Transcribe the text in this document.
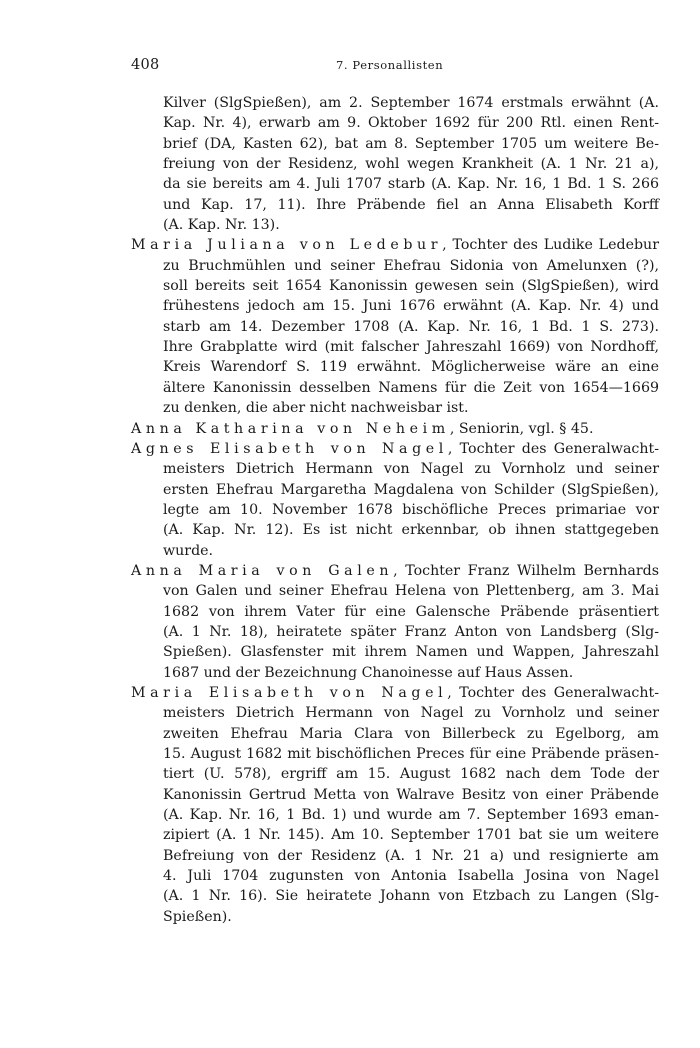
408	7. Personallisten
Kilver (SlgSpießen), am 2. September 1674 erstmals erwähnt (A.
Kap. Nr. 4), erwarb am 9. Oktober 1692 für 200 Rtl. einen Rent-
brief (DA, Kasten 62), bat am 8. September 1705 um weitere Be-
freiung von der Residenz, wohl wegen Krankheit (A. 1 Nr. 21 a),
da sie bereits am 4. Juli 1707 starb (A. Kap. Nr. 16, 1 Bd. 1 S. 266
und Kap. 17, 11). Ihre Präbende fiel an Anna Elisabeth Korff
(A. Kap. Nr. 13).
Maria Juliana von Ledebur, Tochter des Ludike Ledebur
zu Bruchmühlen und seiner Ehefrau Sidonia von Amelunxen (?),
soll bereits seit 1654 Kanonissin gewesen sein (SlgSpießen), wird
frühestens jedoch am 15. Juni 1676 erwähnt (A. Kap. Nr. 4) und
starb am 14. Dezember 1708 (A. Kap. Nr. 16, 1 Bd. 1 S. 273).
Ihre Grabplatte wird (mit falscher Jahreszahl 1669) von Nordhoff,
Kreis Warendorf S. 119 erwähnt. Möglicherweise wäre an eine
ältere Kanonissin desselben Namens für die Zeit von 1654—1669
zu denken, die aber nicht nachweisbar ist.
Anna Katharina von Neheim, Seniorin, vgl. § 45.
Agnes Elisabeth von Nagel, Tochter des Generalwacht-
meisters Dietrich Hermann von Nagel zu Vornholz und seiner
ersten Ehefrau Margaretha Magdalena von Schilder (SlgSpießen),
legte am 10. November 1678 bischöfliche Preces primariae vor
(A. Kap. Nr. 12). Es ist nicht erkennbar, ob ihnen stattgegeben
wurde.
Anna Maria von Galen, Tochter Franz Wilhelm Bernhards
von Galen und seiner Ehefrau Helena von Plettenberg, am 3. Mai
1682 von ihrem Vater für eine Galensche Präbende präsentiert
(A. 1 Nr. 18), heiratete später Franz Anton von Landsberg (Slg-
Spießen). Glasfenster mit ihrem Namen und Wappen, Jahreszahl
1687 und der Bezeichnung Chanoinesse auf Haus Assen.
Maria Elisabeth von Nagel, Tochter des Generalwacht-
meisters Dietrich Hermann von Nagel zu Vornholz und seiner
zweiten Ehefrau Maria Clara von Billerbeck zu Egelborg, am
15. August 1682 mit bischöflichen Preces für eine Präbende präsen-
tiert (U. 578), ergriff am 15. August 1682 nach dem Tode der
Kanonissin Gertrud Metta von Walrave Besitz von einer Präbende
(A. Kap. Nr. 16, 1 Bd. 1) und wurde am 7. September 1693 eman-
zipiert (A. 1 Nr. 145). Am 10. September 1701 bat sie um weitere
Befreiung von der Residenz (A. 1 Nr. 21 a) und resignierte am
4. Juli 1704 zugunsten von Antonia Isabella Josina von Nagel
(A. 1 Nr. 16). Sie heiratete Johann von Etzbach zu Langen (Slg-
Spießen).
